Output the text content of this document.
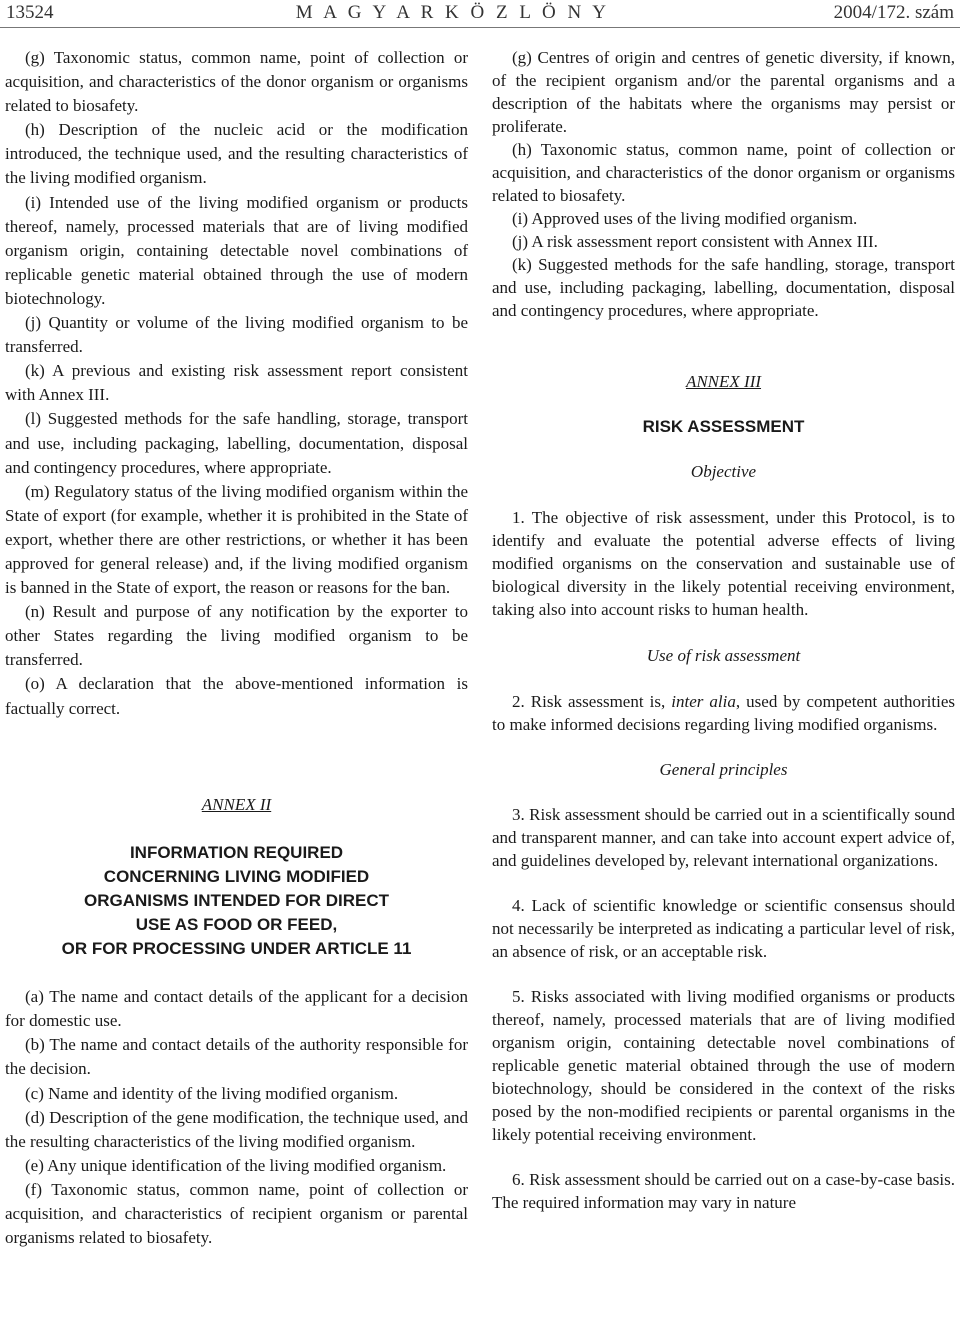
13524	M A G Y A R K Ö Z L Ö N Y	2004/172. szám

(g) Taxonomic status, common name, point of collection or acquisition, and characteristics of the donor organism or organisms related to biosafety.

(h) Description of the nucleic acid or the modification introduced, the technique used, and the resulting characteristics of the living modified organism.

(i) Intended use of the living modified organism or products thereof, namely, processed materials that are of living modified organism origin, containing detectable novel combinations of replicable genetic material obtained through the use of modern biotechnology.

(j) Quantity or volume of the living modified organism to be transferred.

(k) A previous and existing risk assessment report consistent with Annex III.

(l) Suggested methods for the safe handling, storage, transport and use, including packaging, labelling, documentation, disposal and contingency procedures, where appropriate.

(m) Regulatory status of the living modified organism within the State of export (for example, whether it is prohibited in the State of export, whether there are other restrictions, or whether it has been approved for general release) and, if the living modified organism is banned in the State of export, the reason or reasons for the ban.

(n) Result and purpose of any notification by the exporter to other States regarding the living modified organism to be transferred.

(o) A declaration that the above-mentioned information is factually correct.

ANNEX II
INFORMATION REQUIRED
CONCERNING LIVING MODIFIED
ORGANISMS INTENDED FOR DIRECT
USE AS FOOD OR FEED,
OR FOR PROCESSING UNDER ARTICLE 11

(a) The name and contact details of the applicant for a decision for domestic use.

(b) The name and contact details of the authority responsible for the decision.

(c) Name and identity of the living modified organism.

(d) Description of the gene modification, the technique used, and the resulting characteristics of the living modified organism.

(e) Any unique identification of the living modified organism.

(f) Taxonomic status, common name, point of collection or acquisition, and characteristics of recipient organism or parental organisms related to biosafety.

(g) Centres of origin and centres of genetic diversity, if known, of the recipient organism and/or the parental organisms and a description of the habitats where the organisms may persist or proliferate.

(h) Taxonomic status, common name, point of collection or acquisition, and characteristics of the donor organism or organisms related to biosafety.

(i) Approved uses of the living modified organism.

(j) A risk assessment report consistent with Annex III.

(k) Suggested methods for the safe handling, storage, transport and use, including packaging, labelling, documentation, disposal and contingency procedures, where appropriate.

ANNEX III
RISK ASSESSMENT
Objective

1. The objective of risk assessment, under this Protocol, is to identify and evaluate the potential adverse effects of living modified organisms on the conservation and sustainable use of biological diversity in the likely potential receiving environment, taking also into account risks to human health.

Use of risk assessment

2. Risk assessment is, inter alia, used by competent authorities to make informed decisions regarding living modified organisms.

General principles

3. Risk assessment should be carried out in a scientifically sound and transparent manner, and can take into account expert advice of, and guidelines developed by, relevant international organizations.

4. Lack of scientific knowledge or scientific consensus should not necessarily be interpreted as indicating a particular level of risk, an absence of risk, or an acceptable risk.

5. Risks associated with living modified organisms or products thereof, namely, processed materials that are of living modified organism origin, containing detectable novel combinations of replicable genetic material obtained through the use of modern biotechnology, should be considered in the context of the risks posed by the non-modified recipients or parental organisms in the likely potential receiving environment.

6. Risk assessment should be carried out on a case-by-case basis. The required information may vary in nature
